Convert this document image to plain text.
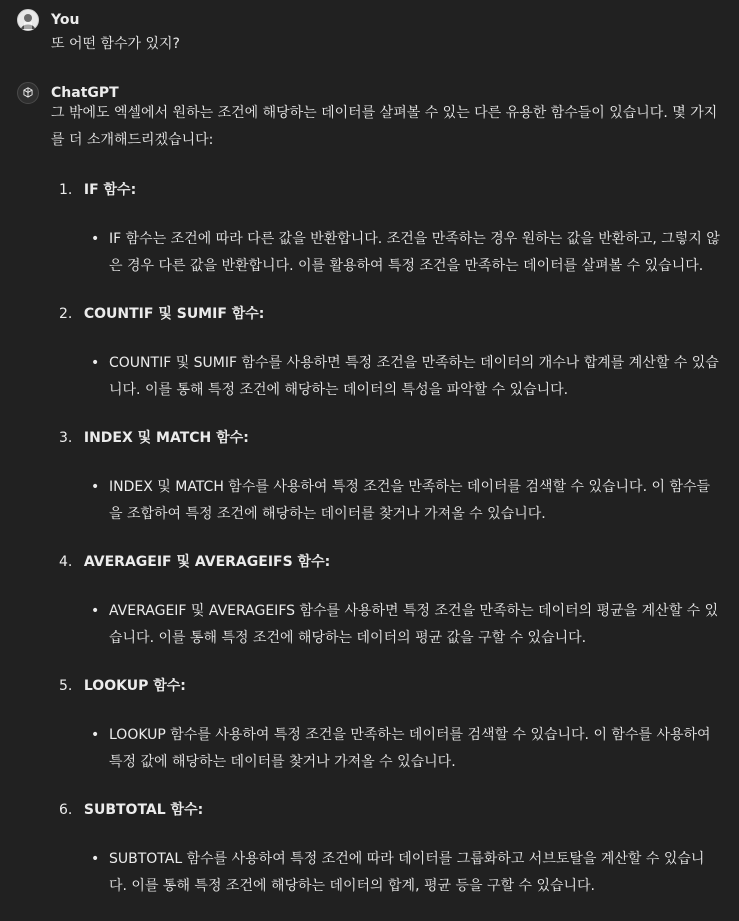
You
또 어떤 함수가 있지?
ChatGPT

그 밖에도 엑셀에서 원하는 조건에 해당하는 데이터를 살펴볼 수 있는 다른 유용한 함수들이 있습니다. 몇 가지를 더 소개해드리겠습니다:

1. IF 함수:
• IF 함수는 조건에 따라 다른 값을 반환합니다. 조건을 만족하는 경우 원하는 값을 반환하고, 그렇지 않은 경우 다른 값을 반환합니다. 이를 활용하여 특정 조건을 만족하는 데이터를 살펴볼 수 있습니다.
2. COUNTIF 및 SUMIF 함수:
• COUNTIF 및 SUMIF 함수를 사용하면 특정 조건을 만족하는 데이터의 개수나 합계를 계산할 수 있습니다. 이를 통해 특정 조건에 해당하는 데이터의 특성을 파악할 수 있습니다.
3. INDEX 및 MATCH 함수:
• INDEX 및 MATCH 함수를 사용하여 특정 조건을 만족하는 데이터를 검색할 수 있습니다. 이 함수들을 조합하여 특정 조건에 해당하는 데이터를 찾거나 가져올 수 있습니다.
4. AVERAGEIF 및 AVERAGEIFS 함수:
• AVERAGEIF 및 AVERAGEIFS 함수를 사용하면 특정 조건을 만족하는 데이터의 평균을 계산할 수 있습니다. 이를 통해 특정 조건에 해당하는 데이터의 평균 값을 구할 수 있습니다.
5. LOOKUP 함수:
• LOOKUP 함수를 사용하여 특정 조건을 만족하는 데이터를 검색할 수 있습니다. 이 함수를 사용하여 특정 값에 해당하는 데이터를 찾거나 가져올 수 있습니다.
6. SUBTOTAL 함수:
• SUBTOTAL 함수를 사용하여 특정 조건에 따라 데이터를 그룹화하고 서브토탈을 계산할 수 있습니다. 이를 통해 특정 조건에 해당하는 데이터의 합계, 평균 등을 구할 수 있습니다.
